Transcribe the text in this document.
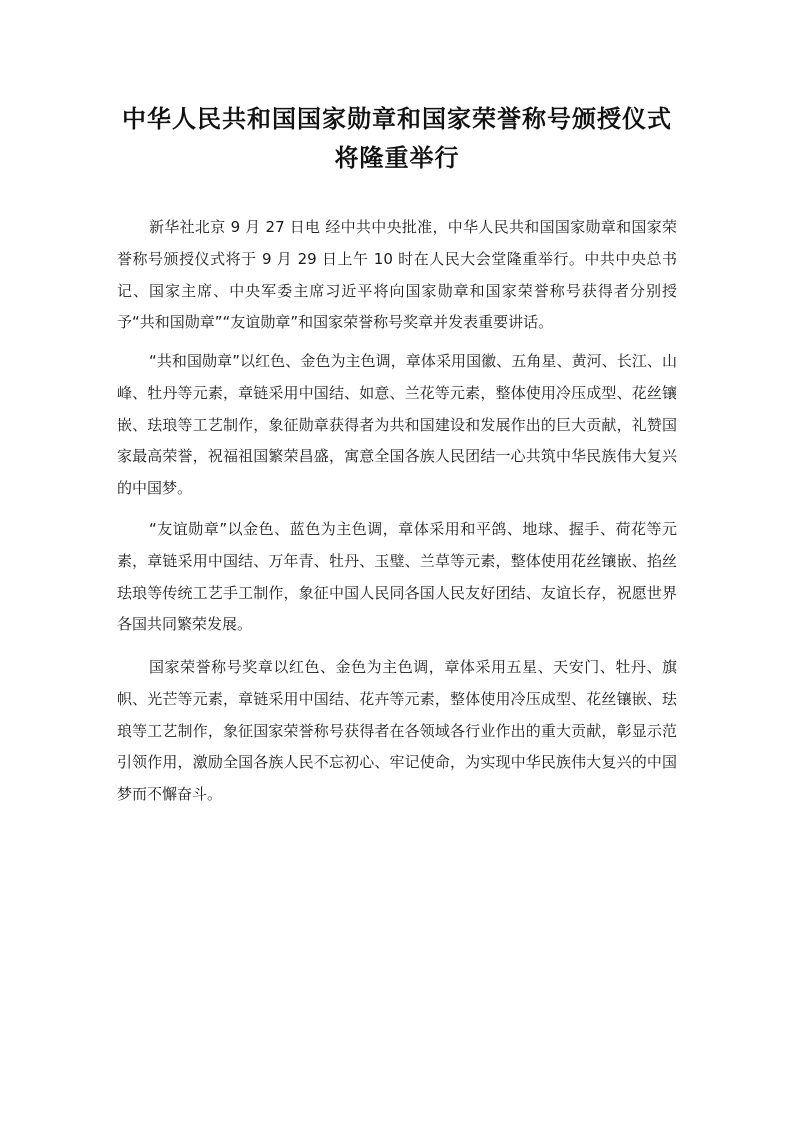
中华人民共和国国家勋章和国家荣誉称号颁授仪式
将隆重举行

新华社北京 9 月 27 日电 经中共中央批准，中华人民共和国国家勋章和国家荣誉称号颁授仪式将于 9 月 29 日上午 10 时在人民大会堂隆重举行。中共中央总书记、国家主席、中央军委主席习近平将向国家勋章和国家荣誉称号获得者分别授予“共和国勋章”“友谊勋章”和国家荣誉称号奖章并发表重要讲话。

“共和国勋章”以红色、金色为主色调，章体采用国徽、五角星、黄河、长江、山峰、牡丹等元素，章链采用中国结、如意、兰花等元素，整体使用冷压成型、花丝镶嵌、珐琅等工艺制作，象征勋章获得者为共和国建设和发展作出的巨大贡献，礼赞国家最高荣誉，祝福祖国繁荣昌盛，寓意全国各族人民团结一心共筑中华民族伟大复兴的中国梦。

“友谊勋章”以金色、蓝色为主色调，章体采用和平鸽、地球、握手、荷花等元素，章链采用中国结、万年青、牡丹、玉璧、兰草等元素，整体使用花丝镶嵌、掐丝珐琅等传统工艺手工制作，象征中国人民同各国人民友好团结、友谊长存，祝愿世界各国共同繁荣发展。

国家荣誉称号奖章以红色、金色为主色调，章体采用五星、天安门、牡丹、旗帜、光芒等元素，章链采用中国结、花卉等元素，整体使用冷压成型、花丝镶嵌、珐琅等工艺制作，象征国家荣誉称号获得者在各领域各行业作出的重大贡献，彰显示范引领作用，激励全国各族人民不忘初心、牢记使命，为实现中华民族伟大复兴的中国梦而不懈奋斗。
